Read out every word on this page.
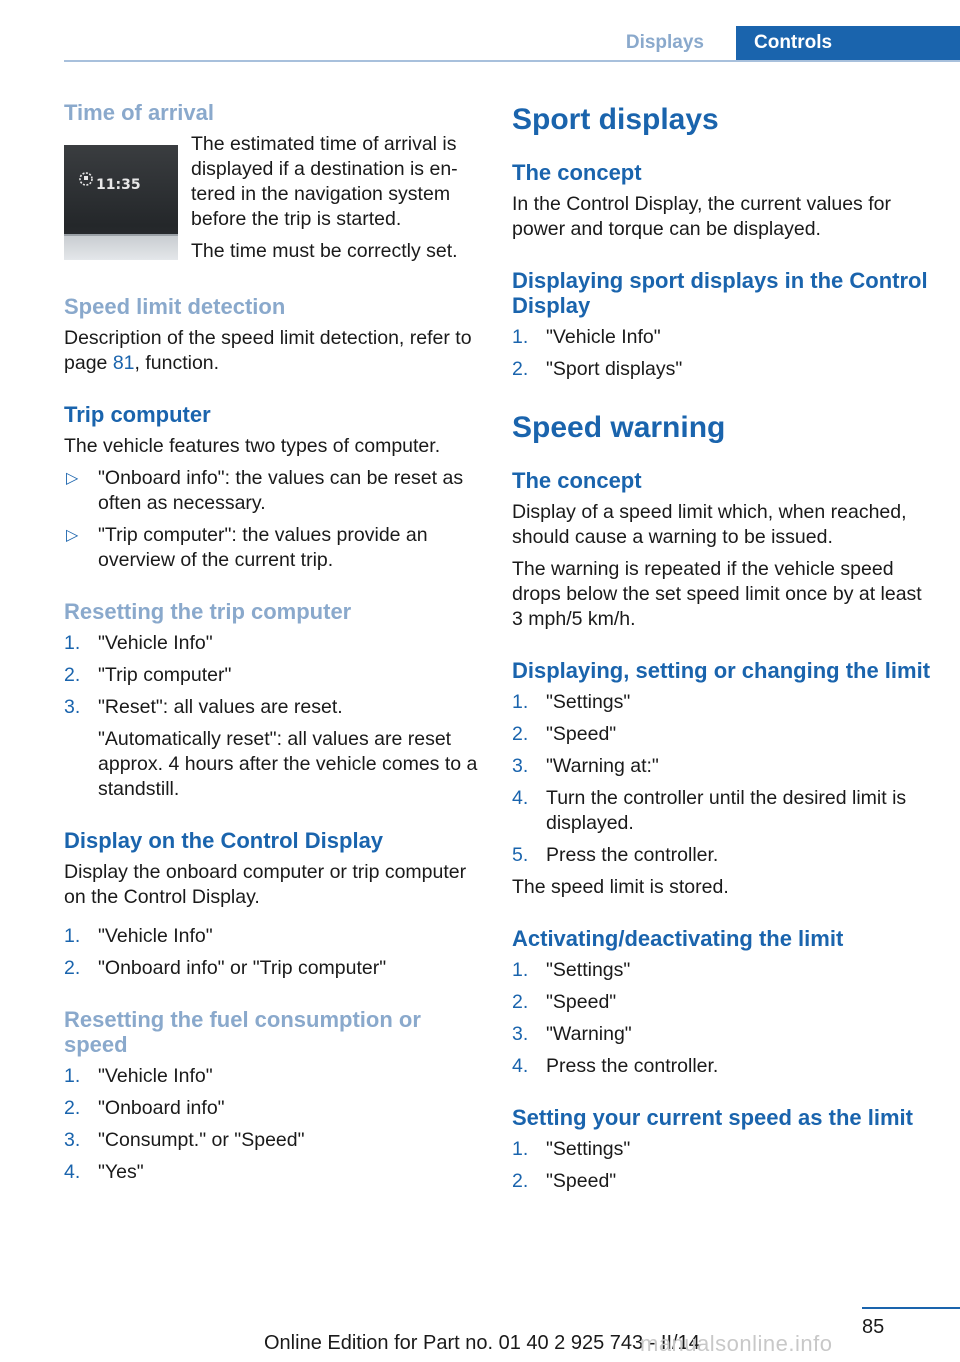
Displays	Controls
Time of arrival
11:35

The estimated time of arrival is displayed if a destination is en-tered in the navigation system before the trip is started.

The time must be correctly set.

Speed limit detection

Description of the speed limit detection, refer to page 81, function.

Trip computer

The vehicle features two types of computer.

▷ "Onboard info": the values can be reset as often as necessary.
▷ "Trip computer": the values provide an overview of the current trip.
Resetting the trip computer
1. "Vehicle Info"
2. "Trip computer"
3. "Reset": all values are reset.

"Automatically reset": all values are reset approx. 4 hours after the vehicle comes to a standstill.

Display on the Control Display

Display the onboard computer or trip computer on the Control Display.

1. "Vehicle Info"
2. "Onboard info" or "Trip computer"
Resetting the fuel consumption or speed
1. "Vehicle Info"
2. "Onboard info"
3. "Consumpt." or "Speed"
4. "Yes"
Sport displays
The concept

In the Control Display, the current values for power and torque can be displayed.

Displaying sport displays in the Control Display
1. "Vehicle Info"
2. "Sport displays"
Speed warning
The concept

Display of a speed limit which, when reached, should cause a warning to be issued.

The warning is repeated if the vehicle speed drops below the set speed limit once by at least 3 mph/5 km/h.

Displaying, setting or changing the limit
1. "Settings"
2. "Speed"
3. "Warning at:"
4. Turn the controller until the desired limit is displayed.
5. Press the controller.

The speed limit is stored.

Activating/deactivating the limit
1. "Settings"
2. "Speed"
3. "Warning"
4. Press the controller.
Setting your current speed as the limit
1. "Settings"
2. "Speed"
85
Online Edition for Part no. 01 40 2 925 743 - II/14
manualsonline.info
